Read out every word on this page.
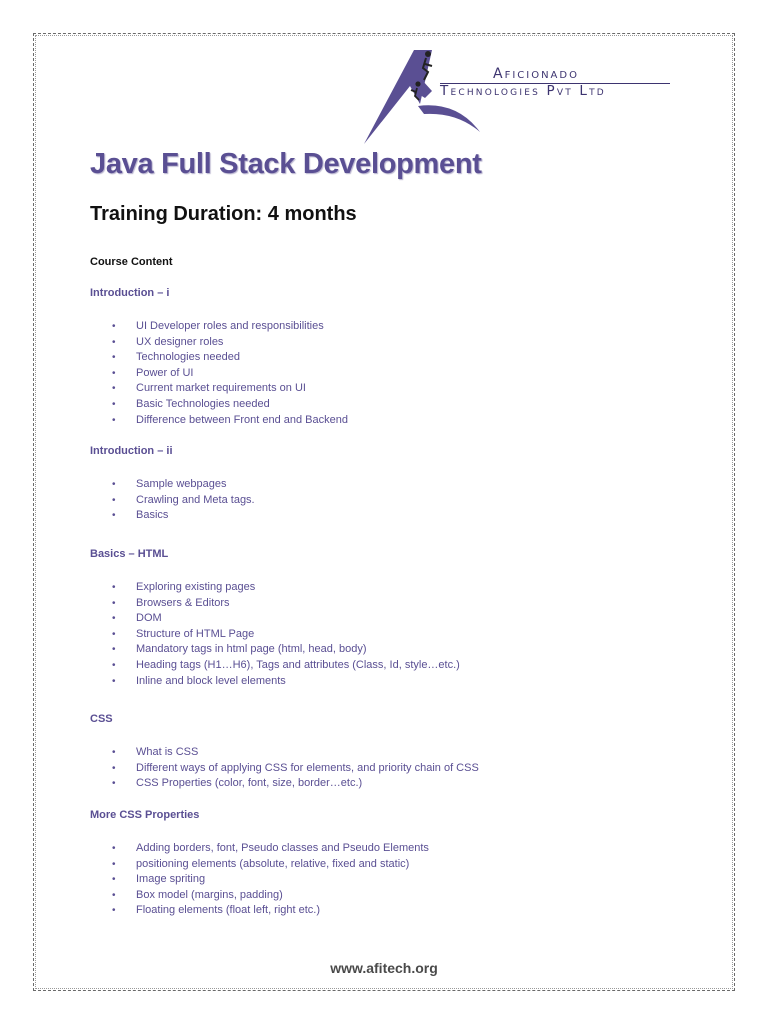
Aficionado
Technologies Pvt Ltd
Java Full Stack Development
Training Duration: 4 months
Course Content
Introduction – i
• UI Developer roles and responsibilities
• UX designer roles
• Technologies needed
• Power of UI
• Current market requirements on UI
• Basic Technologies needed
• Difference between Front end and Backend
Introduction – ii
• Sample webpages
• Crawling and Meta tags.
• Basics
Basics – HTML
• Exploring existing pages
• Browsers & Editors
• DOM
• Structure of HTML Page
• Mandatory tags in html page (html, head, body)
• Heading tags (H1…H6), Tags and attributes (Class, Id, style…etc.)
• Inline and block level elements
CSS
• What is CSS
• Different ways of applying CSS for elements, and priority chain of CSS
• CSS Properties (color, font, size, border…etc.)
More CSS Properties
• Adding borders, font, Pseudo classes and Pseudo Elements
• positioning elements (absolute, relative, fixed and static)
• Image spriting
• Box model (margins, padding)
• Floating elements (float left, right etc.)
www.afitech.org
